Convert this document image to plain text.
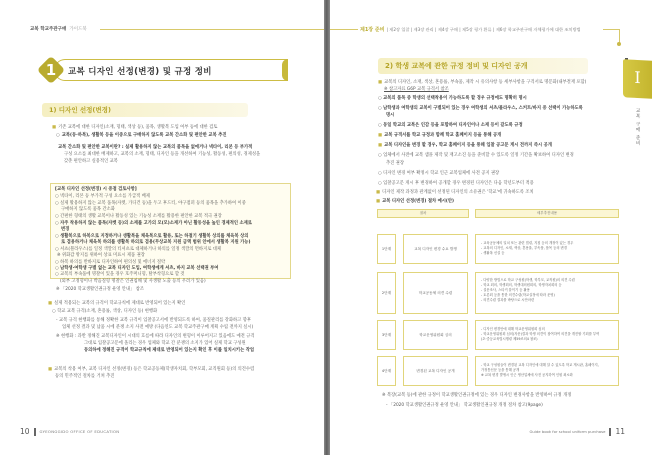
교복 학교주관구매 가이드북
1	교복 디자인 선정(변경) 및 규정 정비
1) 디자인 선정(변경)
■ 기존 교복에 대한 디자인(소재, 형태, 색상 등), 품목, 생활복 도입 여부 등에 대한 검토
○ 교복(동·하복), 생활복 등을 이중으로 구매하지 않도록 교복 간소화 및 편안한 교복 추진
교복 간소화 및 편안한 교복이란? : 실제 활용하지 않는 교복의 품목을 없애거나 넥타이, 리본 등 부가적
구성 요소를 최대한 배제하고, 교복의 소재, 형태, 디자인 등을 개선하여 기능성, 활동성, 편의성, 경제성을
갖춘 편안하고 실용적인 교복
[교복 디자인 선정(변경) 시 중점 검토사항]
○ 넥타이, 리본 등 부가적 구성 요소를 가급적 배제
○ 실제 활용하지 않는 교복 품목(자켓, 가디건 등)을 두고 후드티, 야구점퍼 등의 품목을 추가하여 이중
구매하지 않도록 품목 간소화
○ 간편한 형태의 생활 교복이나 활동성 있는 기능성 소재를 활용한 편안한 교복 적극 권장
○ 자주 착용하지 않는 품목(자켓 등)의 소재를 고가의 모(모)소재가 아닌 활동성을 높인 경제적인 소재로
변경
○ 생활복으로 하복으로 지정하거나 생활복을 체육복으로 활용, 또는 하절기 생활복 상의를 체육복 상의
로 겸용하거나 체육복 하의를 생활복 하의로 겸용(무상교복 지원 금액 범위 안에서 생활복 지원 가능)
○ 셔츠(블라우스)를 일정 색깔의 티셔츠로 대체하거나 하의를 일정 색깔의 면바지로 대체
※ 위화감 방지를 위하여 상표 미표시 제품 권장
○ 하복 하의를 반바지로 디자인하여 편의성 및 에너지 절약
○ 남학생·여학생 구별 없는 교복 디자인 도입, 여학생에게 셔츠, 바지 교복 선택권 부여
○ 교복의 부속품에 명찰이 있을 경우 호주머니형, 탈부착형으로 할 것
(외부 고정형이나 박음질형 명찰은 인권침해 및 사생활 노출 등의 우려가 있음)
※ 「2020 학교생활인권규정 운영 안내」 참조
■ 실제 적용되는 교복의 규격이 학교규칙에 제대로 반영되어 있는지 확인
○ 학교 교복 규격(소재, 혼용률, 색상, 디자인 등) 현행화
- 교복 규격 현행화를 통해 정확한 교복 규격이 입찰공고서에 반영되도록 하여, 품질관리를 강화하고 향후
업체 선정 결과 및 납품 시에 분쟁 소지 사전 예방 (다음연도 교복 학교주관구매 계획 수립 전까지 실시)
※ 현행화 : 과반 정해진 교복디자인이 시대의 흐름에 따라 디자인의 변형이 이루어지고 있음에도 예전 규격
그대로 입찰공고문에 올리는 경우 업체와 학교 간 분쟁의 소지가 있어 실제 학교 구성원
동의하에 정해진 규격이 학교규칙에 제대로 반영되어 있는지 확인 후 이를 일치시키는 작업
■ 교복의 착용 여부, 교복 디자인 선정(변경) 등은 학교공동체(학생자치회, 학부모회, 교직원회 등)의 의견수렴
등의 민주적인 절차를 거쳐 추진
10	GYEONGGIDO OFFICE OF EDUCATION
제1장 준비 | 제2장 입찰 | 제3장 관리 | 제4장 구매 | 제5장 평가 환류 | 제6장 학교주관구매 자체평가에 대한 조치방법
I
교복 구매 준비
2) 학생 교복에 관한 규정 정비 및 디자인 공개
■ 교복의 디자인, 소재, 색상, 혼용률, 부속품, 제작 시 유의사항 등 세부사항을 구격서로 명문화(내부결재 포함)
※ 참고자료 G6P 교복 규격서 참조
○ 교복의 품목 중 학생의 선택착용이 가능하도록 할 경우 규정에도 명확히 명시
○ 남학생과 여학생의 교복이 구별되어 있는 경우 여학생의 셔츠/블라우스, 스커트/바지 중 선택이 가능하도록
명시
○ 동일 학교의 교복은 인감 등을 포함하여 디자인이나 소재 등이 같도록 규정
■ 교복 규격서를 학교 규정과 함께 학교 홈페이지 등을 통해 공개
■ 교복 디자인을 변경 할 경우, 학교 홈페이지 등을 통해 입찰 공고문 게시 전까지 즉시 공개
○ 업체에서 사전에 교복 샘플 제작 및 재고소진 등을 준비할 수 있도록 일정 기간을 확보하여 디자인 변경
추진 권장
○ 디자인 변경 여부 확정시 학교 인근 교복업체에 사전 공지 권장
○ 입찰공고문 게시 후 변경하여 공개할 경우 변경된 디자인은 다음 학년도부터 적용
■ 디자인 제작 과정과 관계없이 선정된 디자인의 소유권은 '학교'에 귀속하도록 조치
■ 교복 디자인 선정(변경) 절차 예시(안)
절차	세부추진내용
1단계	교복 디자인 변경 수요 발생
- 교육공동체의 일치 또는 관련 법령, 지침 등의 개정이 있는 경우
- 교복의 디자인, 소재, 색상, 혼용율, 부속품, 품목 등의 변경
- 생활복 신설 등
2단계	학교공동체 의견 수렴
- 다양한 방법으로 학교 구성원(학생, 학부모, 교직원)의 의견 수렴
- 학교 회의, 학생회의, 학생대의원회의, 학생자치회의 등
- 설문조사, 스티커 붙이기 등 활용
- 토론회 등을 통한 의견수렴(학교실정에 따라 운영)
- 의견수렴 결과를 바탕으로 시안마련
3단계	학교운영위원회 심의
- 디자인 변경안에 대해 학교운영위원회 심의
- 학교운영위원회 심의(자문)결과 학생 의견이 참여하여 의견을 개진할 기회를 부여
(초·중등교육법시행령 제59조의4 참조)
4단계	변경된 교복 디자인 공개
- 학교 구성원들이 변경된 교복 디자인에 대해 알 수 있도록 학교 게시판, 홈페이지,
가정통신문 등을 통해 공개
※ 교복 변경 발생시 인근 생산업체에 사전 공지하여 인원 최소화
※ 복장(교복 등)에 관한 규정이 학교생활인권규정에 있는 경우 디자인 변경사항을 반영하여 규정 개정
- 「2020 학교생활인권규정 운영 안내」 학교생활인권규정 개정 절차 참고(9page)
Guide book for school uniform purchase 11
